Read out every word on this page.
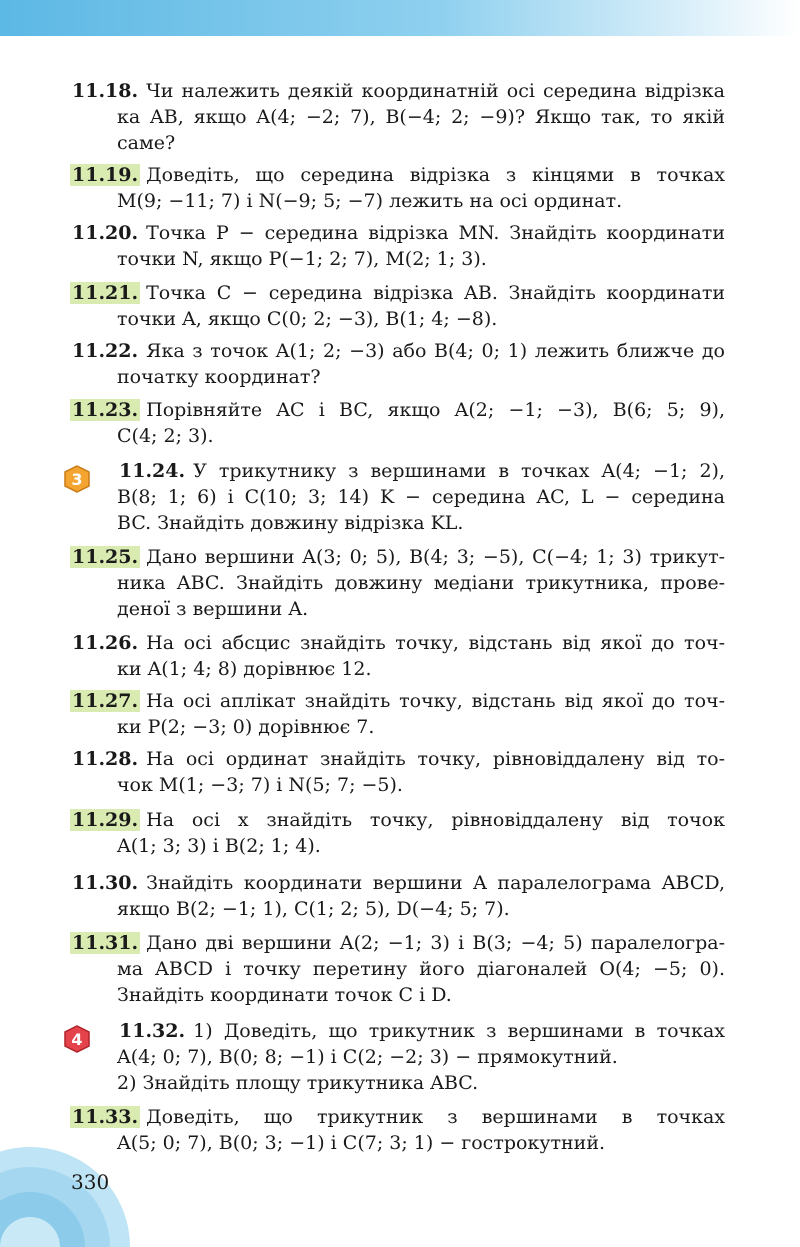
11.18. Чи належить деякій координатній осі середина відрізка
ка AB, якщо A(4; −2; 7), B(−4; 2; −9)? Якщо так, то якій
саме?
11.19. Доведіть, що середина відрізка з кінцями в точках
M(9; −11; 7) і N(−9; 5; −7) лежить на осі ординат.
11.20. Точка P − середина відрізка MN. Знайдіть координати
точки N, якщо P(−1; 2; 7), M(2; 1; 3).
11.21. Точка C − середина відрізка AB. Знайдіть координати
точки A, якщо C(0; 2; −3), B(1; 4; −8).
11.22. Яка з точок A(1; 2; −3) або B(4; 0; 1) лежить ближче до
початку координат?
11.23. Порівняйте AC і BC, якщо A(2; −1; −3), B(6; 5; 9),
C(4; 2; 3).
3	11.24. У трикутнику з вершинами в точках A(4; −1; 2),
B(8; 1; 6) і C(10; 3; 14) K − середина AC, L − середина
BC. Знайдіть довжину відрізка KL.
11.25. Дано вершини A(3; 0; 5), B(4; 3; −5), C(−4; 1; 3) трикут-
ника ABC. Знайдіть довжину медіани трикутника, прове-
деної з вершини A.
11.26. На осі абсцис знайдіть точку, відстань від якої до точ-
ки A(1; 4; 8) дорівнює 12.
11.27. На осі аплікат знайдіть точку, відстань від якої до точ-
ки P(2; −3; 0) дорівнює 7.
11.28. На осі ординат знайдіть точку, рівновіддалену від то-
чок M(1; −3; 7) і N(5; 7; −5).
11.29. На осі x знайдіть точку, рівновіддалену від точок
A(1; 3; 3) і B(2; 1; 4).
11.30. Знайдіть координати вершини A паралелограма ABCD,
якщо B(2; −1; 1), C(1; 2; 5), D(−4; 5; 7).
11.31. Дано дві вершини A(2; −1; 3) і B(3; −4; 5) паралелогра-
ма ABCD і точку перетину його діагоналей O(4; −5; 0).
Знайдіть координати точок C і D.
4	11.32. 1) Доведіть, що трикутник з вершинами в точках
A(4; 0; 7), B(0; 8; −1) і C(2; −2; 3) − прямокутний.
2) Знайдіть площу трикутника ABC.
11.33. Доведіть, що трикутник з вершинами в точках
A(5; 0; 7), B(0; 3; −1) і C(7; 3; 1) − гострокутний.
330
